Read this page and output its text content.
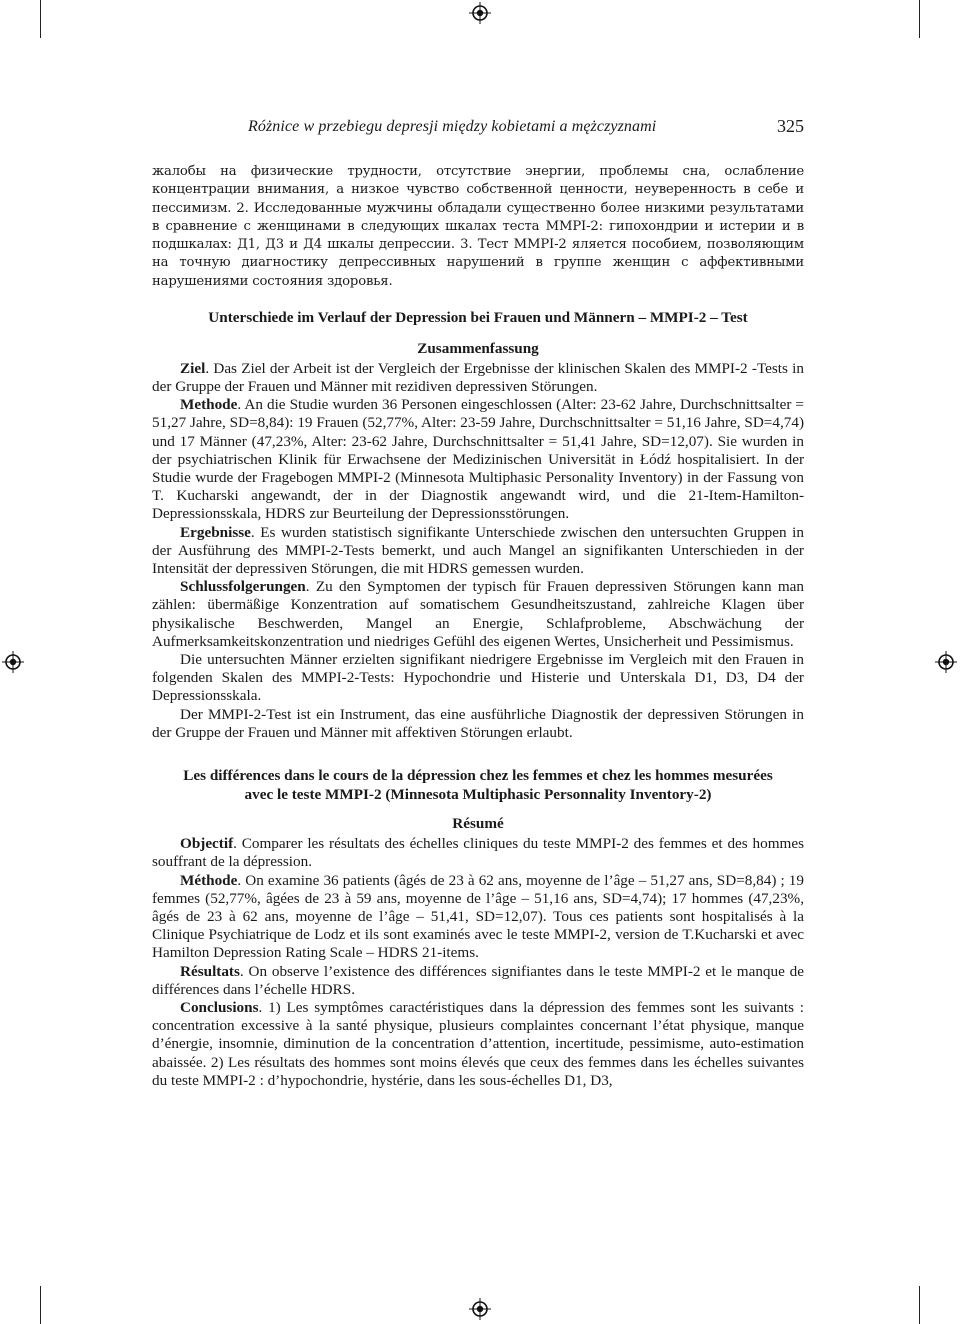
Różnice w przebiegu depresji między kobietami a mężczyznami	325

жалобы на физические трудности, отсутствие энергии, проблемы сна, ослабление концентрации внимания, а низкое чувство собственной ценности, неуверенность в себе и пессимизм. 2. Исследованные мужчины обладали существенно более низкими результатами в сравнение с женщинами в следующих шкалах теста MMPI-2: гипохондрии и истерии и в подшкалах: Д1, Д3 и Д4 шкалы депрессии. 3. Тест MMPI-2 яляется пособием, позволяющим на точную диагностику депрессивных нарушений в группе женщин с аффективными нарушениями состояния здоровья.

Unterschiede im Verlauf der Depression bei Frauen und Männern – MMPI-2 – Test

Zusammenfassung

Ziel. Das Ziel der Arbeit ist der Vergleich der Ergebnisse der klinischen Skalen des MMPI-2 -Tests in der Gruppe der Frauen und Männer mit rezidiven depressiven Störungen.

Methode. An die Studie wurden 36 Personen eingeschlossen (Alter: 23-62 Jahre, Durchschnittsalter = 51,27 Jahre, SD=8,84): 19 Frauen (52,77%, Alter: 23-59 Jahre, Durchschnittsalter = 51,16 Jahre, SD=4,74) und 17 Männer (47,23%, Alter: 23-62 Jahre, Durchschnittsalter = 51,41 Jahre, SD=12,07). Sie wurden in der psychiatrischen Klinik für Erwachsene der Medizinischen Universität in Łódź hospitalisiert. In der Studie wurde der Fragebogen MMPI-2 (Minnesota Multiphasic Personality Inventory) in der Fassung von T. Kucharski angewandt, der in der Diagnostik angewandt wird, und die 21-Item-Hamilton-Depressionsskala, HDRS zur Beurteilung der Depressionsstörungen.

Ergebnisse. Es wurden statistisch signifikante Unterschiede zwischen den untersuchten Gruppen in der Ausführung des MMPI-2-Tests bemerkt, und auch Mangel an signifikanten Unterschieden in der Intensität der depressiven Störungen, die mit HDRS gemessen wurden.

Schlussfolgerungen. Zu den Symptomen der typisch für Frauen depressiven Störungen kann man zählen: übermäßige Konzentration auf somatischem Gesundheitszustand, zahlreiche Klagen über physikalische Beschwerden, Mangel an Energie, Schlafprobleme, Abschwächung der Aufmerksamkeitskonzentration und niedriges Gefühl des eigenen Wertes, Unsicherheit und Pessimismus.

Die untersuchten Männer erzielten signifikant niedrigere Ergebnisse im Vergleich mit den Frauen in folgenden Skalen des MMPI-2-Tests: Hypochondrie und Histerie und Unterskala D1, D3, D4 der Depressionsskala.

Der MMPI-2-Test ist ein Instrument, das eine ausführliche Diagnostik der depressiven Störungen in der Gruppe der Frauen und Männer mit affektiven Störungen erlaubt.

Les différences dans le cours de la dépression chez les femmes et chez les hommes mesurées

avec le teste MMPI-2 (Minnesota Multiphasic Personnality Inventory-2)

Résumé

Objectif. Comparer les résultats des échelles cliniques du teste MMPI-2 des femmes et des hommes souffrant de la dépression.

Méthode. On examine 36 patients (âgés de 23 à 62 ans, moyenne de l’âge – 51,27 ans, SD=8,84) ; 19 femmes (52,77%, âgées de 23 à 59 ans, moyenne de l’âge – 51,16 ans, SD=4,74); 17 hommes (47,23%, âgés de 23 à 62 ans, moyenne de l’âge – 51,41, SD=12,07). Tous ces patients sont hospitalisés à la Clinique Psychiatrique de Lodz et ils sont examinés avec le teste MMPI-2, version de T.Kucharski et avec Hamilton Depression Rating Scale – HDRS 21-items.

Résultats. On observe l’existence des différences signifiantes dans le teste MMPI-2 et le manque de différences dans l’échelle HDRS.

Conclusions. 1) Les symptômes caractéristiques dans la dépression des femmes sont les suivants : concentration excessive à la santé physique, plusieurs complaintes concernant l’état physique, manque d’énergie, insomnie, diminution de la concentration d’attention, incertitude, pessimisme, auto-estimation abaissée. 2) Les résultats des hommes sont moins élevés que ceux des femmes dans les échelles suivantes du teste MMPI-2 : d’hypochondrie, hystérie, dans les sous-échelles D1, D3,
